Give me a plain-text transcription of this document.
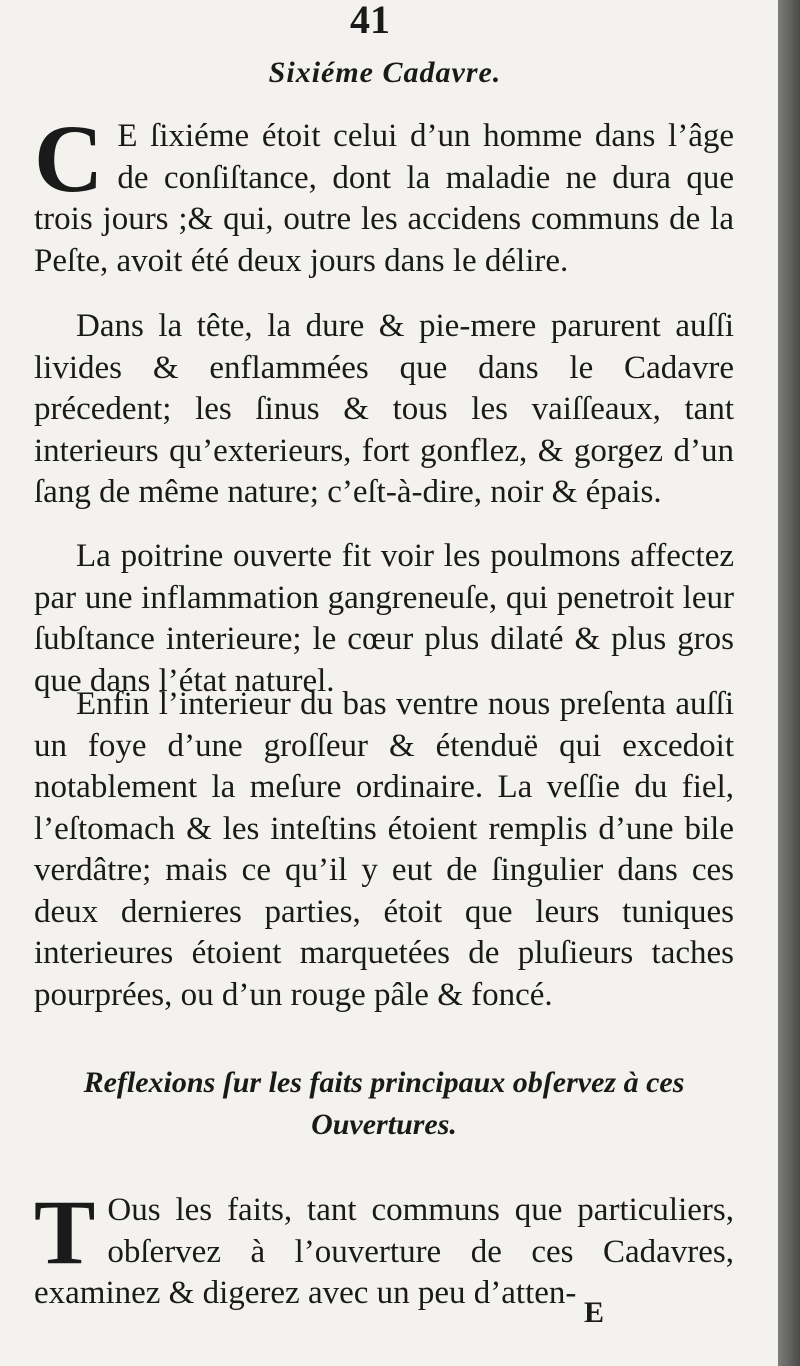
41
Sixiéme Cadavre.

C E ſixiéme étoit celui d’un homme dans l’âge de conſiſtance, dont la maladie ne dura que trois jours ;& qui, outre les accidens communs de la Peſte, avoit été deux jours dans le délire.

Dans la tête, la dure & pie-mere parurent auſſi livides & enflammées que dans le Cadavre précedent; les ſinus & tous les vaiſſeaux, tant interieurs qu’exterieurs, fort gonflez, & gorgez d’un ſang de même nature; c’eſt-à-dire, noir & épais.

La poitrine ouverte fit voir les poulmons affectez par une inflammation gangreneuſe, qui penetroit leur ſubſtance interieure; le cœur plus dilaté & plus gros que dans l’état naturel.

Enfin l’interieur du bas ventre nous preſenta auſſi un foye d’une groſſeur & étenduë qui excedoit notablement la meſure ordinaire. La veſſie du fiel, l’eſtomach & les inteſtins étoient remplis d’une bile verdâtre; mais ce qu’il y eut de ſingulier dans ces deux dernieres parties, étoit que leurs tuniques interieures étoient marquetées de pluſieurs taches pourprées, ou d’un rouge pâle & foncé.

Reflexions ſur les faits principaux obſervez à ces
Ouvertures.

T Ous les faits, tant communs que particuliers, obſervez à l’ouverture de ces Cadavres, examinez & digerez avec un peu d’atten-

E
